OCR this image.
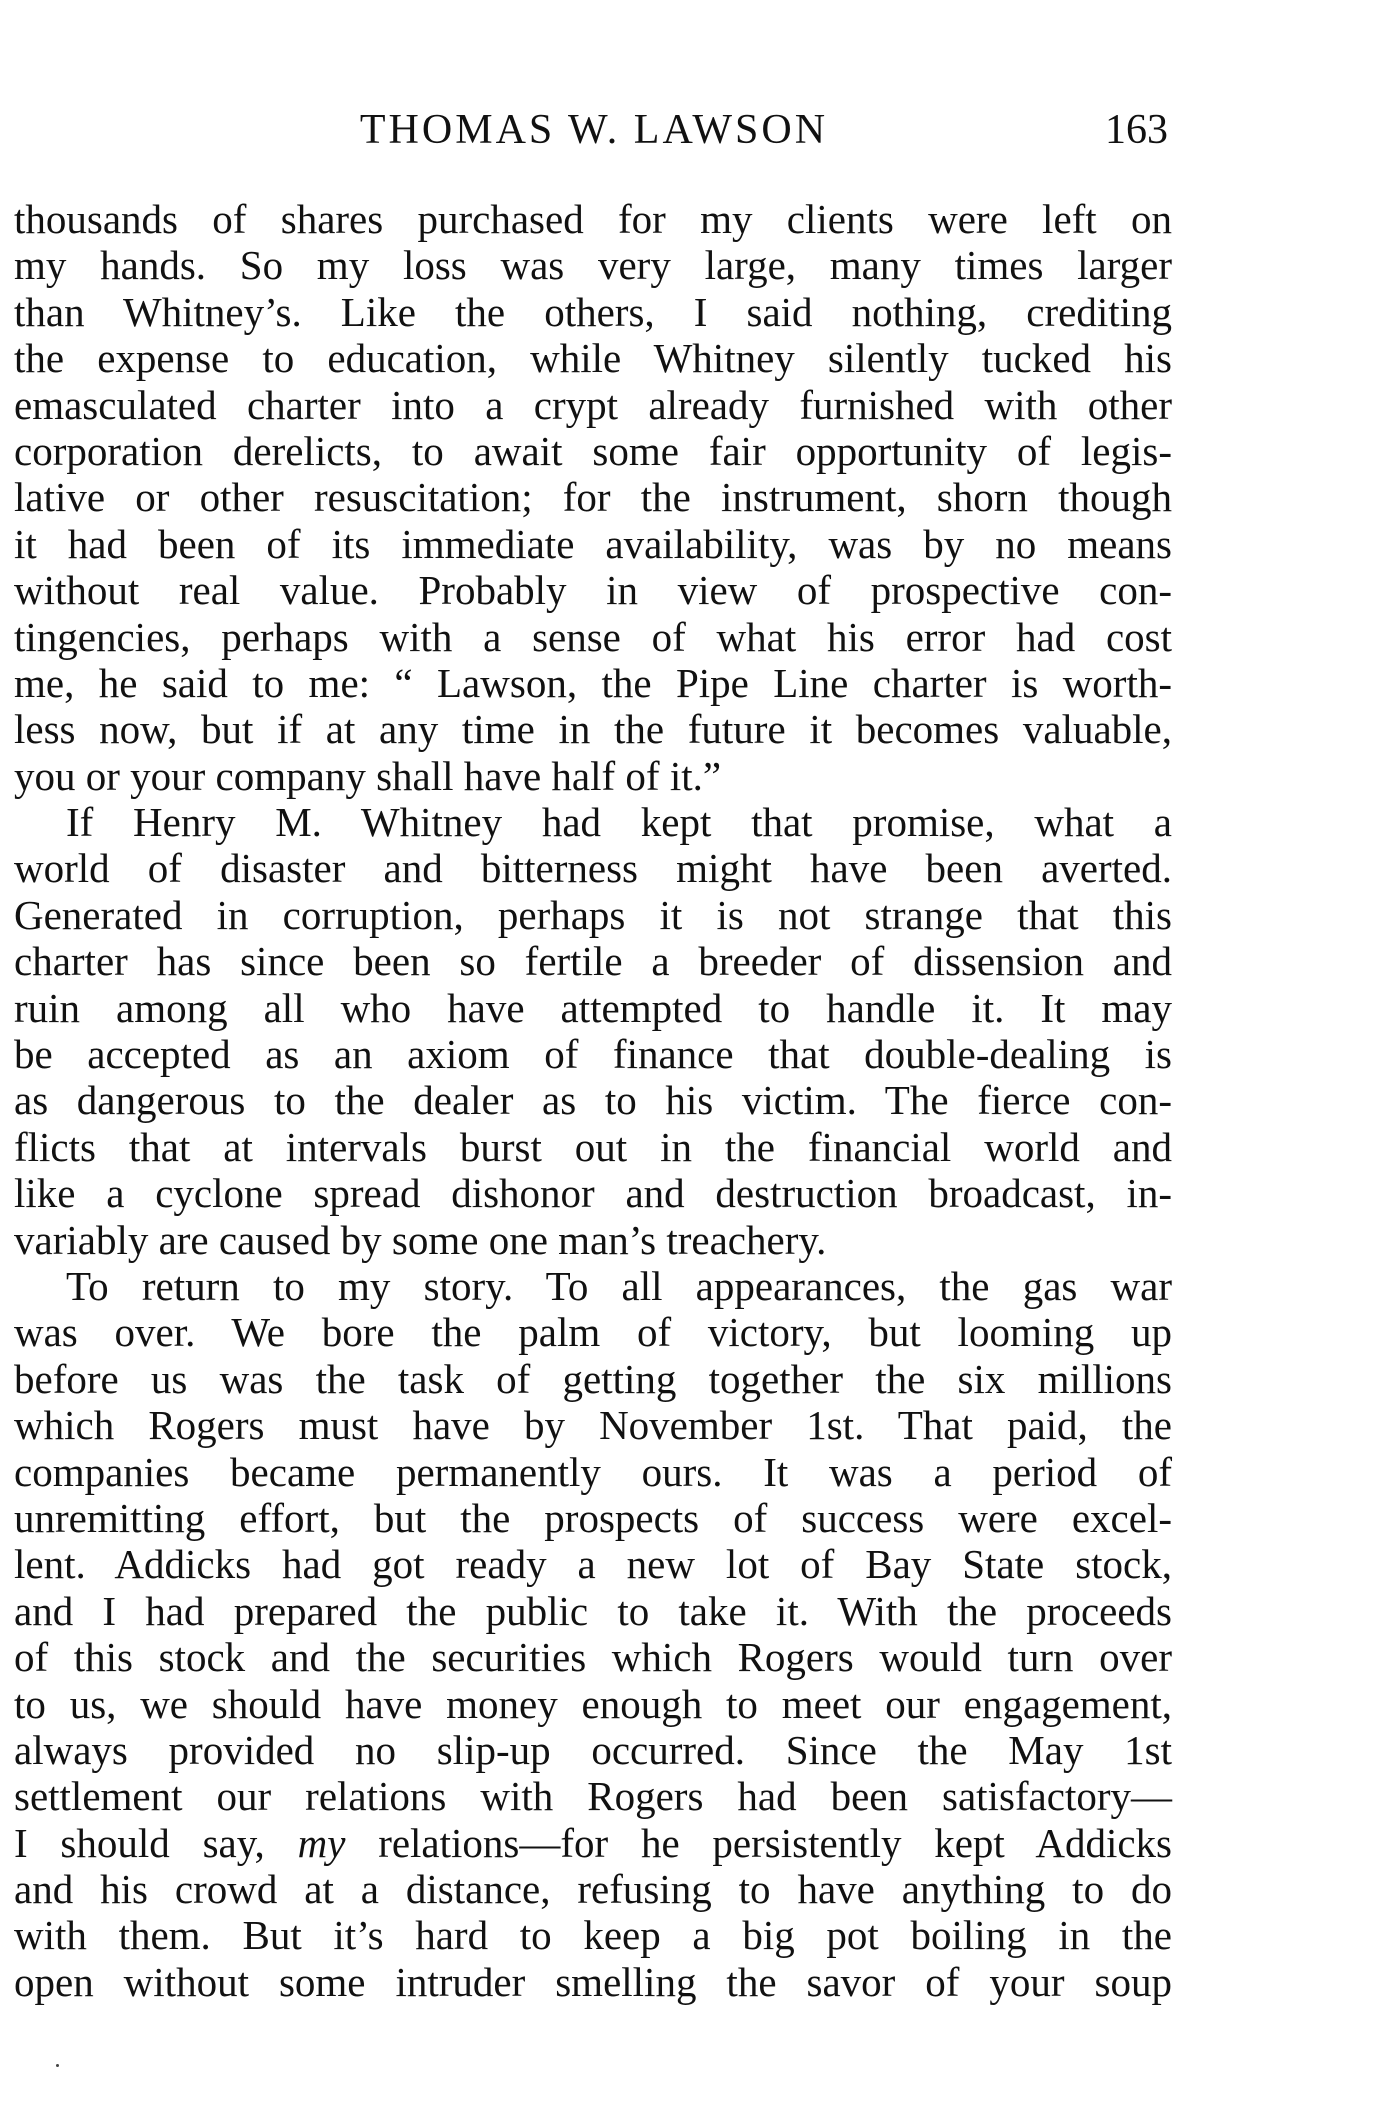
THOMAS W. LAWSON	163
thousands of shares purchased for my clients were left on
my hands. So my loss was very large, many times larger
than Whitney’s. Like the others, I said nothing, crediting
the expense to education, while Whitney silently tucked his
emasculated charter into a crypt already furnished with other
corporation derelicts, to await some fair opportunity of legis-
lative or other resuscitation; for the instrument, shorn though
it had been of its immediate availability, was by no means
without real value. Probably in view of prospective con-
tingencies, perhaps with a sense of what his error had cost
me, he said to me: “ Lawson, the Pipe Line charter is worth-
less now, but if at any time in the future it becomes valuable,
you or your company shall have half of it.”
If Henry M. Whitney had kept that promise, what a
world of disaster and bitterness might have been averted.
Generated in corruption, perhaps it is not strange that this
charter has since been so fertile a breeder of dissension and
ruin among all who have attempted to handle it. It may
be accepted as an axiom of finance that double-dealing is
as dangerous to the dealer as to his victim. The fierce con-
flicts that at intervals burst out in the financial world and
like a cyclone spread dishonor and destruction broadcast, in-
variably are caused by some one man’s treachery.
To return to my story. To all appearances, the gas war
was over. We bore the palm of victory, but looming up
before us was the task of getting together the six millions
which Rogers must have by November 1st. That paid, the
companies became permanently ours. It was a period of
unremitting effort, but the prospects of success were excel-
lent. Addicks had got ready a new lot of Bay State stock,
and I had prepared the public to take it. With the proceeds
of this stock and the securities which Rogers would turn over
to us, we should have money enough to meet our engagement,
always provided no slip-up occurred. Since the May 1st
settlement our relations with Rogers had been satisfactory—
I should say, my relations—for he persistently kept Addicks
and his crowd at a distance, refusing to have anything to do
with them. But it’s hard to keep a big pot boiling in the
open without some intruder smelling the savor of your soup
